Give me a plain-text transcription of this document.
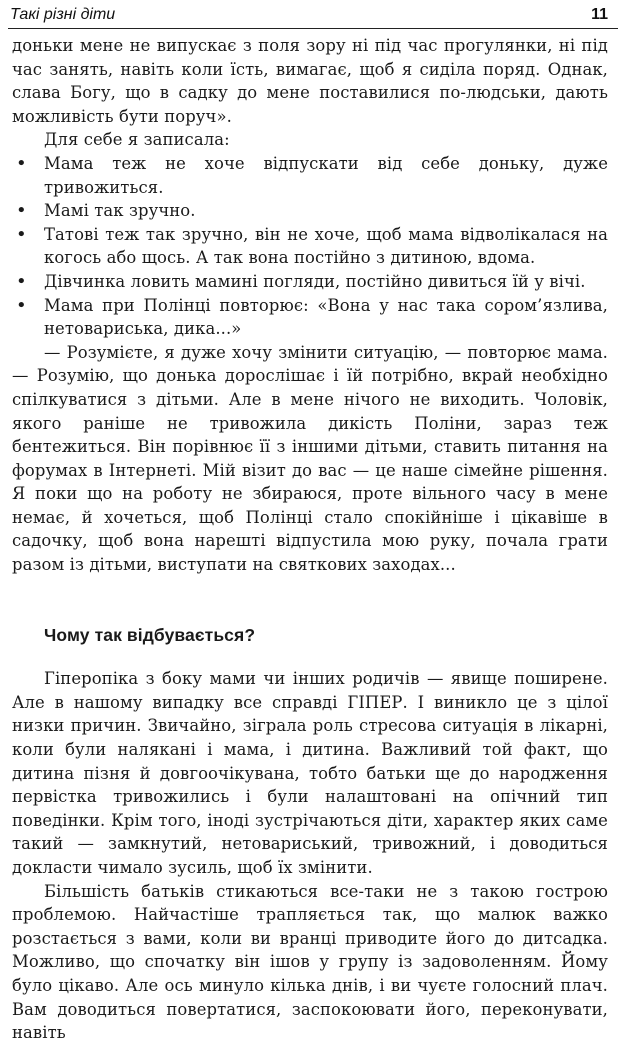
Такі різні діти	11

доньки мене не випускає з поля зору ні під час прогулянки, ні під час занять, навіть коли їсть, вимагає, щоб я сиділа поряд. Однак, слава Богу, що в садку до мене поставилися по-людськи, дають можливість бути поруч».

Для себе я записала:

• Мама теж не хоче відпускати від себе доньку, дуже тривожиться.
• Мамі так зручно.
• Татові теж так зручно, він не хоче, щоб мама відволікалася на когось або щось. А так вона постійно з дитиною, вдома.
• Дівчинка ловить мамині погляди, постійно дивиться їй у вічі.
• Мама при Полінці повторює: «Вона у нас така сором’язлива, нетовариська, дика...»

— Розумієте, я дуже хочу змінити ситуацію, — повторює мама. — Розумію, що донька дорослішає і їй потрібно, вкрай необхідно спілкуватися з дітьми. Але в мене нічого не виходить. Чоловік, якого раніше не тривожила дикість Поліни, зараз теж бентежиться. Він порівнює її з іншими дітьми, ставить питання на форумах в Інтернеті. Мій візит до вас — це наше сімейне рішення. Я поки що на роботу не збираюся, проте вільного часу в мене немає, й хочеться, щоб Полінці стало спокійніше і цікавіше в садочку, щоб вона нарешті відпустила мою руку, почала грати разом із дітьми, виступати на святкових заходах...

Чому так відбувається?

Гіперопіка з боку мами чи інших родичів — явище поширене. Але в нашому випадку все справді ГІПЕР. І виникло це з цілої низки причин. Звичайно, зіграла роль стресова ситуація в лікарні, коли були налякані і мама, і дитина. Важливий той факт, що дитина пізня й довгоочікувана, тобто батьки ще до народження первістка тривожились і були налаштовані на опічний тип поведінки. Крім того, іноді зустрічаються діти, характер яких саме такий — замкнутий, нетовариський, тривожний, і доводиться докласти чимало зусиль, щоб їх змінити.

Більшість батьків стикаються все-таки не з такою гострою проблемою. Найчастіше трапляється так, що малюк важко розстається з вами, коли ви вранці приводите його до дитсадка. Можливо, що спочатку він ішов у групу із задоволенням. Йому було цікаво. Але ось минуло кілька днів, і ви чуєте голосний плач. Вам доводиться повертатися, заспокоювати його, переконувати, навіть
